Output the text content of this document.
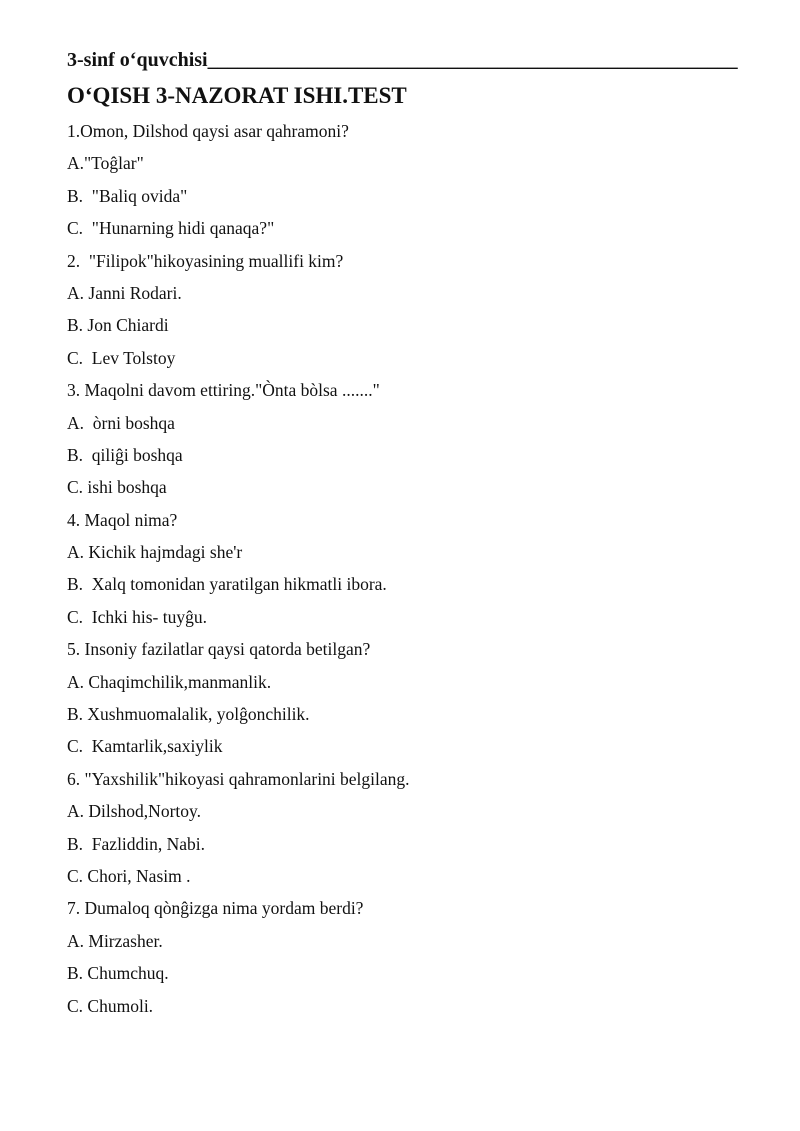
3-sinf o‘quvchisi_____________________________________________________
O‘QISH 3-NAZORAT ISHI.TEST
1.Omon, Dilshod qaysi asar qahramoni?
A."Toĝlar"
B.  "Baliq ovida"
C.  "Hunarning hidi qanaqa?"
2.  "Filipok"hikoyasining muallifi kim?
A. Janni Rodari.
B. Jon Chiardi
C.  Lev Tolstoy
3. Maqolni davom ettiring."Ònta bòlsa ......."
A.  òrni boshqa
B.  qiliĝi boshqa
C. ishi boshqa
4. Maqol nima?
A. Kichik hajmdagi she'r
B.  Xalq tomonidan yaratilgan hikmatli ibora.
C.  Ichki his- tuyĝu.
5. Insoniy fazilatlar qaysi qatorda betilgan?
A. Chaqimchilik,manmanlik.
B. Xushmuomalalik, yolĝonchilik.
C.  Kamtarlik,saxiylik
6. "Yaxshilik"hikoyasi qahramonlarini belgilang.
A. Dilshod,Nortoy.
B.  Fazliddin, Nabi.
C. Chori, Nasim .
7. Dumaloq qònĝizga nima yordam berdi?
A. Mirzasher.
B. Chumchuq.
C. Chumoli.
